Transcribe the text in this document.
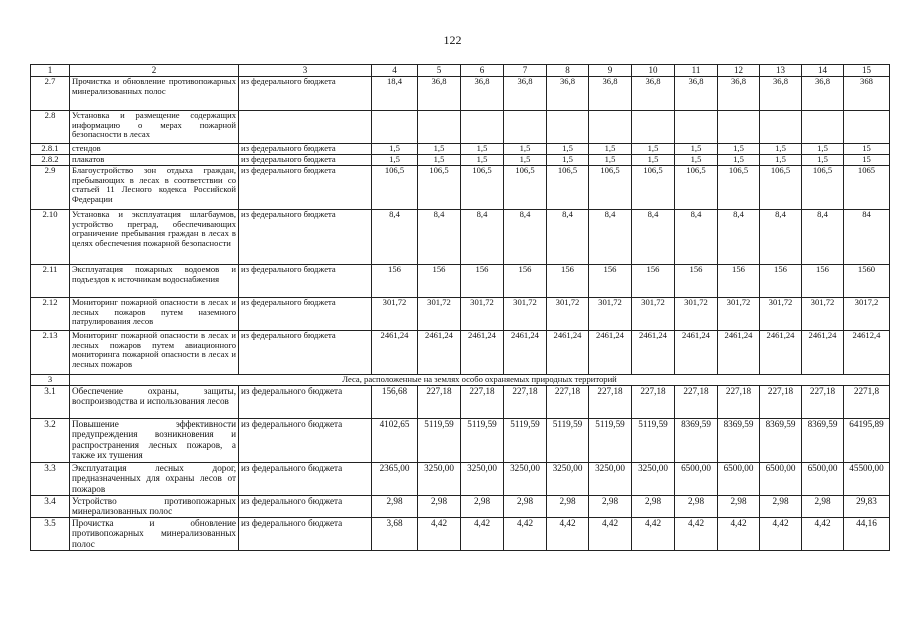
122
1	2	3	4	5	6	7	8	9	10	11	12	13	14	15
2.7	Прочистка и обновление противопожарных минерализованных полос	из федерального бюджета	18,4	36,8	36,8	36,8	36,8	36,8	36,8	36,8	36,8	36,8	36,8	368
2.8	Установка и размещение содержащих информацию о мерах пожарной безопасности в лесах													
2.8.1	стендов	из федерального бюджета	1,5	1,5	1,5	1,5	1,5	1,5	1,5	1,5	1,5	1,5	1,5	15
2.8.2	плакатов	из федерального бюджета	1,5	1,5	1,5	1,5	1,5	1,5	1,5	1,5	1,5	1,5	1,5	15
2.9	Благоустройство зон отдыха граждан, пребывающих в лесах в соответствии со статьей 11 Лесного кодекса Российской Федерации	из федерального бюджета	106,5	106,5	106,5	106,5	106,5	106,5	106,5	106,5	106,5	106,5	106,5	1065
2.10	Установка и эксплуатация шлагбаумов, устройство преград, обеспечивающих ограничение пребывания граждан в лесах в целях обеспечения пожарной безопасности	из федерального бюджета	8,4	8,4	8,4	8,4	8,4	8,4	8,4	8,4	8,4	8,4	8,4	84
2.11	Эксплуатация пожарных водоемов и подъездов к источникам водоснабжения	из федерального бюджета	156	156	156	156	156	156	156	156	156	156	156	1560
2.12	Мониторинг пожарной опасности в лесах и лесных пожаров путем наземного патрулирования лесов	из федерального бюджета	301,72	301,72	301,72	301,72	301,72	301,72	301,72	301,72	301,72	301,72	301,72	3017,2
2.13	Мониторинг пожарной опасности в лесах и лесных пожаров путем авиационного мониторинга пожарной опасности в лесах и лесных пожаров	из федерального бюджета	2461,24	2461,24	2461,24	2461,24	2461,24	2461,24	2461,24	2461,24	2461,24	2461,24	2461,24	24612,4
3	Леса, расположенные на землях особо охраняемых природных территорий													
3.1	Обеспечение охраны, защиты, воспроизводства и использования лесов	из федерального бюджета	156,68	227,18	227,18	227,18	227,18	227,18	227,18	227,18	227,18	227,18	227,18	2271,8
3.2	Повышение эффективности предупреждения возникновения и распространения лесных пожаров, а также их тушения	из федерального бюджета	4102,65	5119,59	5119,59	5119,59	5119,59	5119,59	5119,59	8369,59	8369,59	8369,59	8369,59	64195,89
3.3	Эксплуатация лесных дорог, предназначенных для охраны лесов от пожаров	из федерального бюджета	2365,00	3250,00	3250,00	3250,00	3250,00	3250,00	3250,00	6500,00	6500,00	6500,00	6500,00	45500,00
3.4	Устройство противопожарных минерализованных полос	из федерального бюджета	2,98	2,98	2,98	2,98	2,98	2,98	2,98	2,98	2,98	2,98	2,98	29,83
3.5	Прочистка и обновление противопожарных минерализованных полос	из федерального бюджета	3,68	4,42	4,42	4,42	4,42	4,42	4,42	4,42	4,42	4,42	4,42	44,16
